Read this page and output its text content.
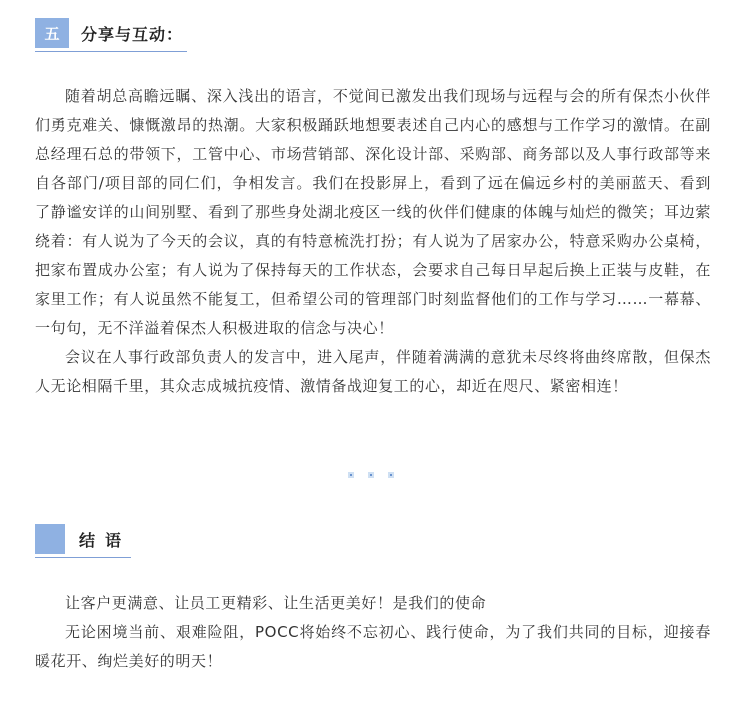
五	分享与互动：

随着胡总高瞻远瞩、深入浅出的语言，不觉间已激发出我们现场与远程与会的所有保杰小伙伴们勇克难关、慷慨激昂的热潮。大家积极踊跃地想要表述自己内心的感想与工作学习的激情。在副总经理石总的带领下，工管中心、市场营销部、深化设计部、采购部、商务部以及人事行政部等来自各部门/项目部的同仁们，争相发言。我们在投影屏上，看到了远在偏远乡村的美丽蓝天、看到了静谧安详的山间别墅、看到了那些身处湖北疫区一线的伙伴们健康的体魄与灿烂的微笑；耳边萦绕着：有人说为了今天的会议，真的有特意梳洗打扮；有人说为了居家办公，特意采购办公桌椅，把家布置成办公室；有人说为了保持每天的工作状态，会要求自己每日早起后换上正装与皮鞋，在家里工作；有人说虽然不能复工，但希望公司的管理部门时刻监督他们的工作与学习……一幕幕、一句句，无不洋溢着保杰人积极进取的信念与决心！

会议在人事行政部负责人的发言中，进入尾声，伴随着满满的意犹未尽终将曲终席散，但保杰人无论相隔千里，其众志成城抗疫情、激情备战迎复工的心，却近在咫尺、紧密相连！

结语

让客户更满意、让员工更精彩、让生活更美好！是我们的使命

无论困境当前、艰难险阻，POCC将始终不忘初心、践行使命，为了我们共同的目标，迎接春暖花开、绚烂美好的明天！
